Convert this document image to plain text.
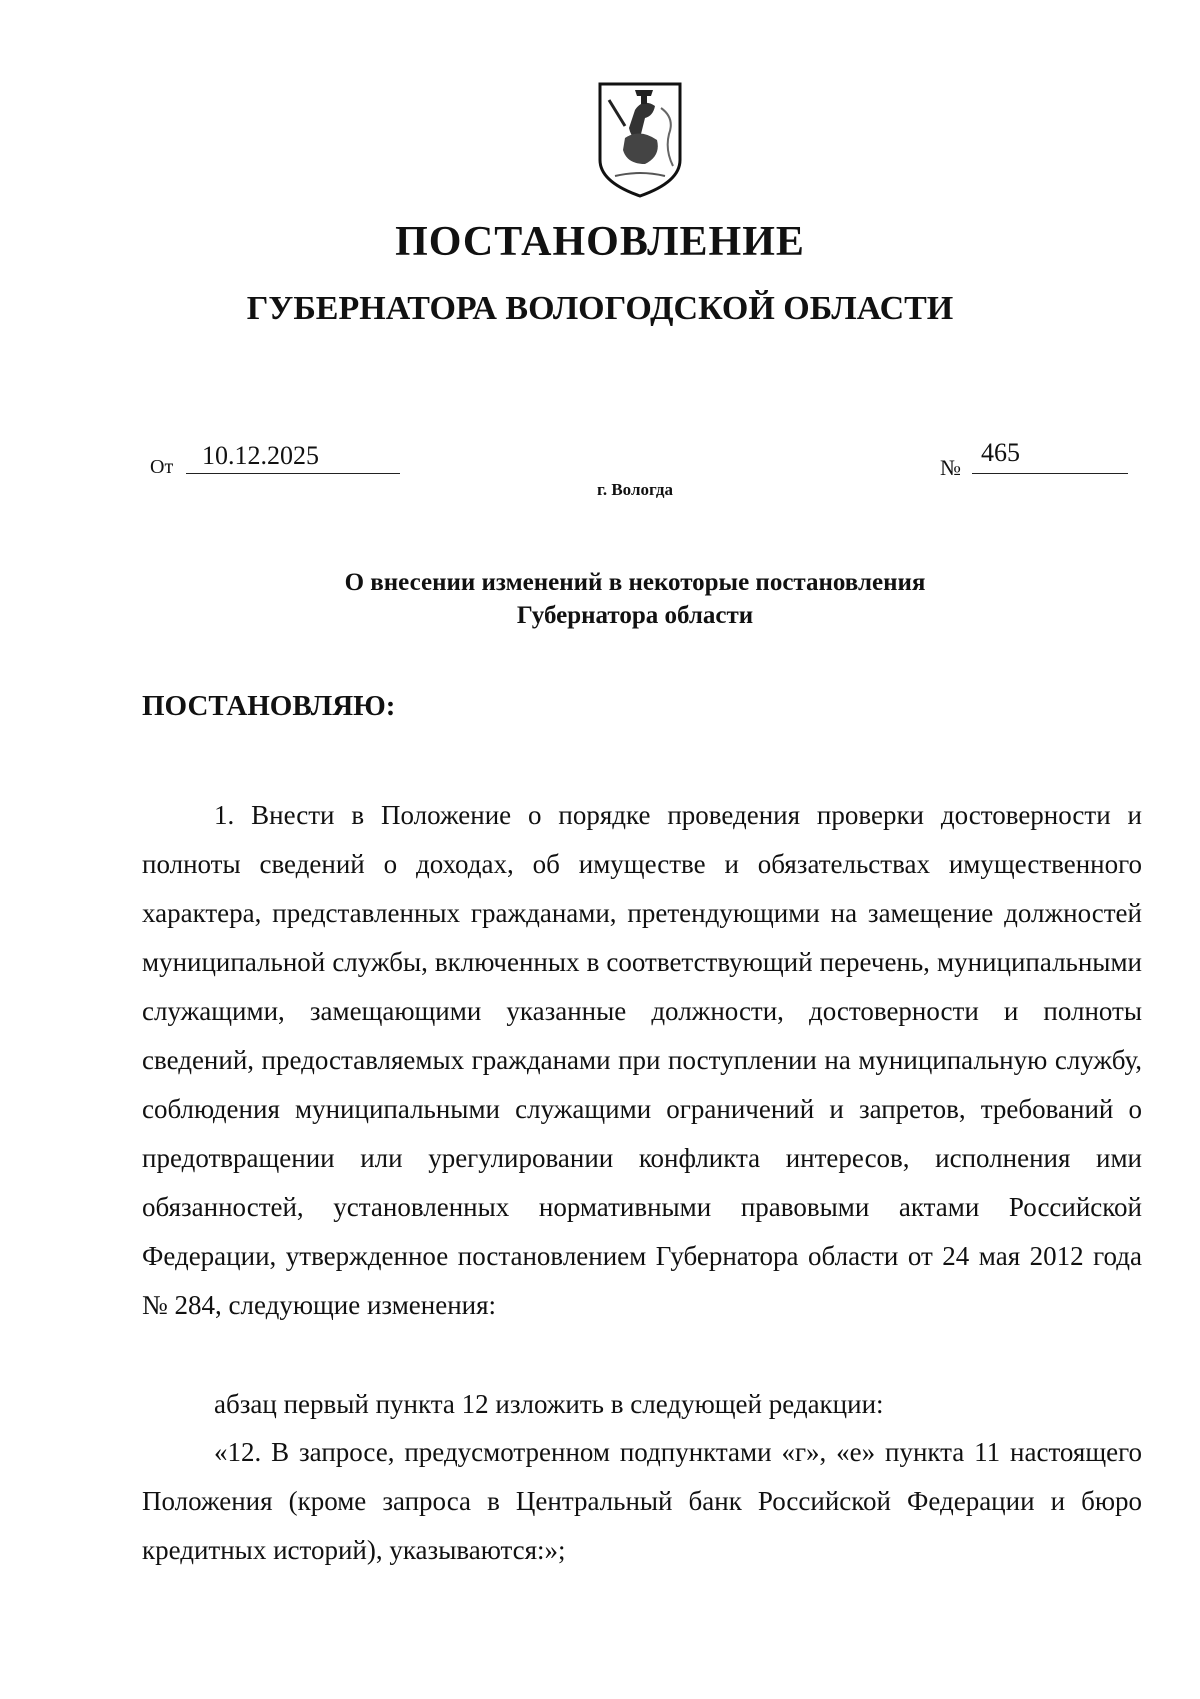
ПОСТАНОВЛЕНИЕ
ГУБЕРНАТОРА ВОЛОГОДСКОЙ ОБЛАСТИ
От 10.12.2025	№
465
г. Вологда
О внесении изменений в некоторые постановления
Губернатора области
ПОСТАНОВЛЯЮ:

1. Внести в Положение о порядке проведения проверки достоверности и полноты сведений о доходах, об имуществе и обязательствах имущественного характера, представленных гражданами, претендующими на замещение должностей муниципальной службы, включенных в соответствующий перечень, муниципальными служащими, замещающими указанные должности, достоверности и полноты сведений, предоставляемых гражданами при поступлении на муниципальную службу, соблюдения муниципальными служащими ограничений и запретов, требований о предотвращении или урегулировании конфликта интересов, исполнения ими обязанностей, установленных нормативными правовыми актами Российской Федерации, утвержденное постановлением Губернатора области от 24 мая 2012 года № 284, следующие изменения:

абзац первый пункта 12 изложить в следующей редакции:

«12. В запросе, предусмотренном подпунктами «г», «е» пункта 11 настоящего Положения (кроме запроса в Центральный банк Российской Федерации и бюро кредитных историй), указываются:»;
